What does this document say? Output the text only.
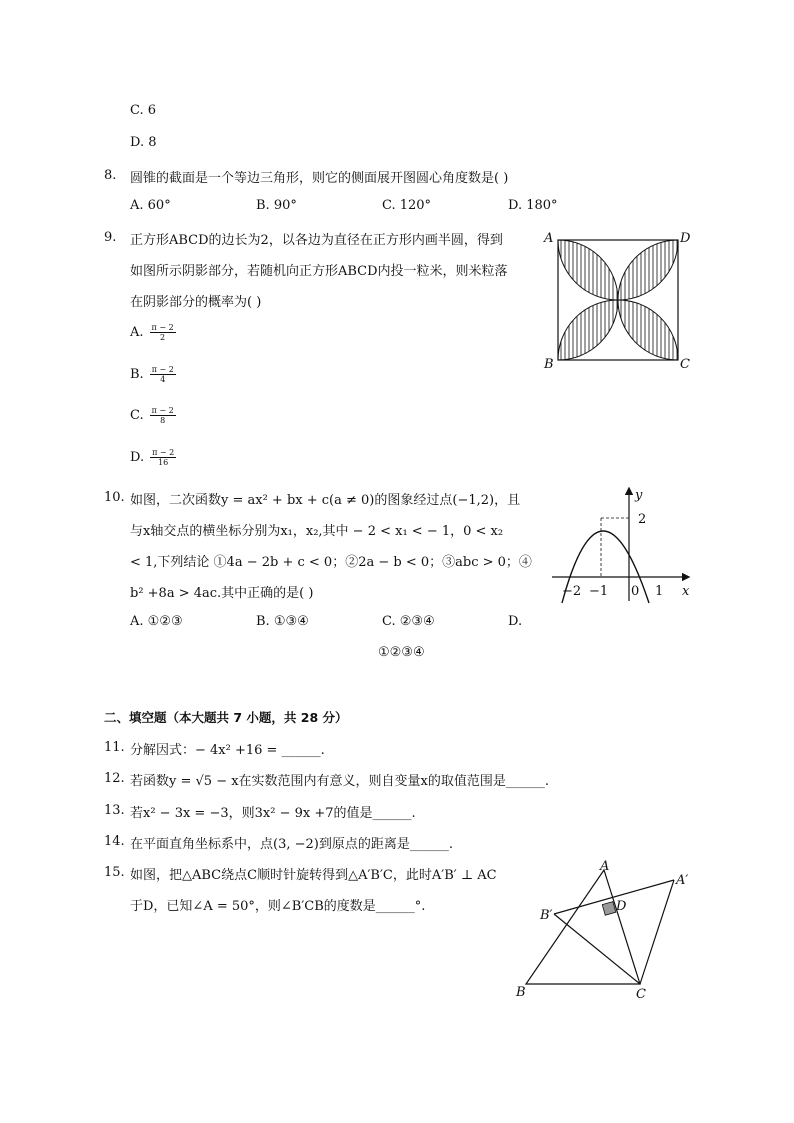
C. 6
D. 8
8. 圆锥的截面是一个等边三角形，则它的侧面展开图圆心角度数是( )
A. 60°	B. 90°	C. 120°	D. 180°
9. 正方形ABCD的边长为2，以各边为直径在正方形内画半圆，得到
如图所示阴影部分，若随机向正方形ABCD内投一粒米，则米粒落
在阴影部分的概率为( )
A. $\frac{\pi - 2}{2}$
B. $\frac{\pi - 2}{4}$
C. $\frac{\pi - 2}{8}$
D. $\frac{\pi - 2}{16}$
A	D
B	C
10. 如图，二次函数y = ax² + bx + c(a ≠ 0)的图象经过点(−1,2)，且
与x轴交点的横坐标分别为x₁，x₂,其中 − 2 < x₁ < − 1，0 < x₂
< 1,下列结论 ①4a − 2b + c < 0；②2a − b < 0；③abc > 0；④
b² +8a > 4ac.其中正确的是( )
A. ①②③	B. ①③④	C. ②③④	D.
①②③④
y
x
2
−2 −1 0 1
二、填空题（本大题共 7 小题，共 28 分）
11. 分解因式：− 4x² +16 = ______.
12. 若函数y = √5 − x在实数范围内有意义，则自变量x的取值范围是______.
13. 若x² − 3x = −3，则3x² − 9x +7的值是______.
14. 在平面直角坐标系中，点(3, −2)到原点的距离是______.
15. 如图，把△ABC绕点C顺时针旋转得到△A′B′C，此时A′B′ ⊥ AC
于D，已知∠A = 50°，则∠B′CB的度数是______°.
A
A′
B′
D
B	C
